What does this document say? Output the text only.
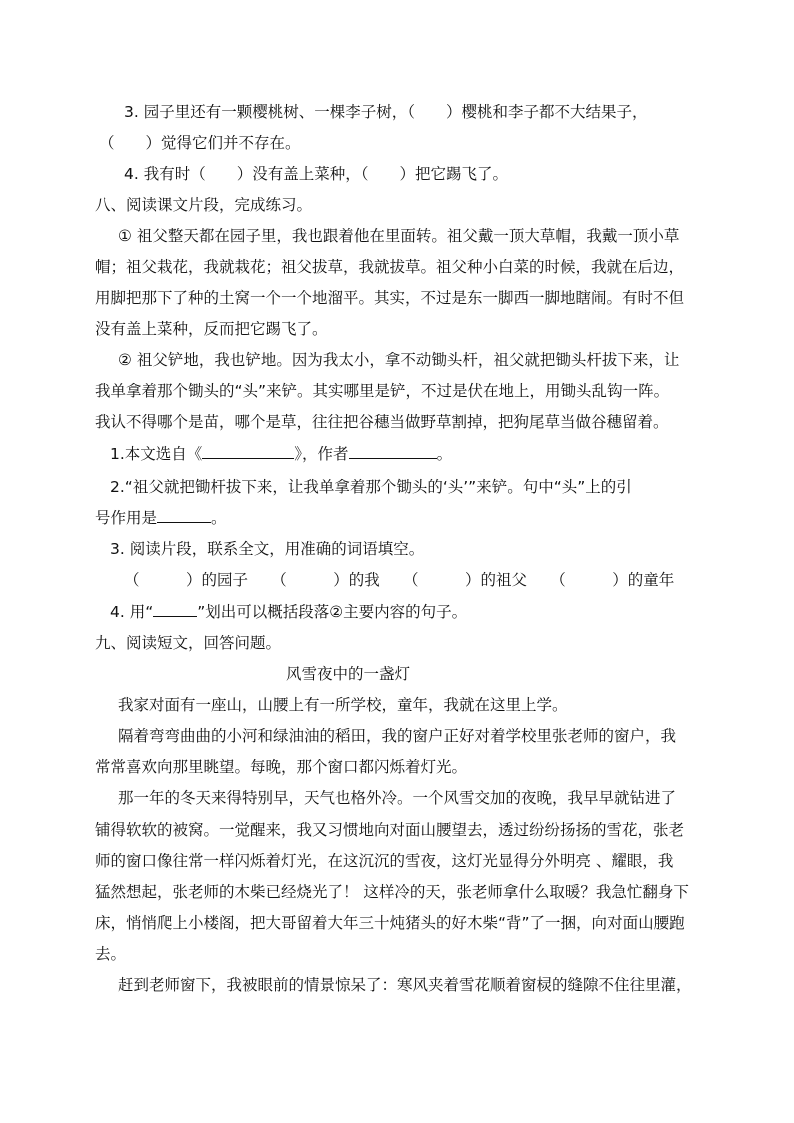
3. 园子里还有一颗樱桃树、一棵李子树，（　　）樱桃和李子都不大结果子，
（　　）觉得它们并不存在。
4. 我有时（　　）没有盖上菜种，（　　）把它踢飞了。
八、阅读课文片段，完成练习。
① 祖父整天都在园子里，我也跟着他在里面转。祖父戴一顶大草帽，我戴一顶小草
帽；祖父栽花，我就栽花；祖父拔草，我就拔草。祖父种小白菜的时候，我就在后边，
用脚把那下了种的土窝一个一个地溜平。其实，不过是东一脚西一脚地瞎闹。有时不但
没有盖上菜种，反而把它踢飞了。
② 祖父铲地，我也铲地。因为我太小，拿不动锄头杆，祖父就把锄头杆拔下来，让
我单拿着那个锄头的“头”来铲。其实哪里是铲，不过是伏在地上，用锄头乱钩一阵。
我认不得哪个是苗，哪个是草，往往把谷穗当做野草割掉，把狗尾草当做谷穗留着。
1.本文选自《	》，作者	。
2.“祖父就把锄杆拔下来，让我单拿着那个锄头的‘头’”来铲。句中“头”上的引
号作用是	。
3. 阅读片段，联系全文，用准确的词语填空。
（　　　）的园子　　（　　　）的我　　（　　　）的祖父　　（　　　）的童年
4. 用“	”划出可以概括段落②主要内容的句子。
九、阅读短文，回答问题。
风雪夜中的一盏灯
我家对面有一座山，山腰上有一所学校，童年，我就在这里上学。
隔着弯弯曲曲的小河和绿油油的稻田，我的窗户正好对着学校里张老师的窗户，我
常常喜欢向那里眺望。每晚，那个窗口都闪烁着灯光。
那一年的冬天来得特别早，天气也格外冷。一个风雪交加的夜晚，我早早就钻进了
铺得软软的被窝。一觉醒来，我又习惯地向对面山腰望去，透过纷纷扬扬的雪花，张老
师的窗口像往常一样闪烁着灯光，在这沉沉的雪夜，这灯光显得分外明亮 、耀眼，我
猛然想起，张老师的木柴已经烧光了！ 这样冷的天，张老师拿什么取暖？我急忙翻身下
床，悄悄爬上小楼阁，把大哥留着大年三十炖猪头的好木柴“背”了一捆，向对面山腰跑
去。
赶到老师窗下，我被眼前的情景惊呆了：寒风夹着雪花顺着窗棂的缝隙不住往里灌，
